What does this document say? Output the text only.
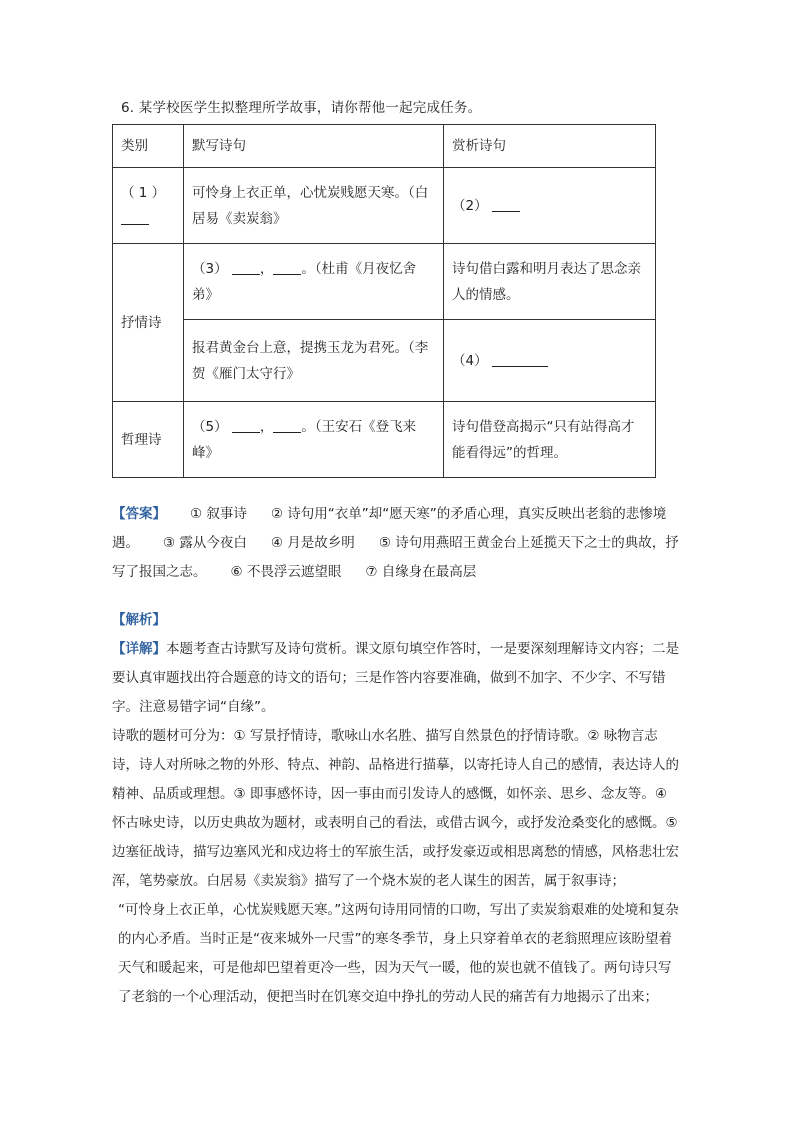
6. 某学校医学生拟整理所学故事，请你帮他一起完成任务。
类别	默写诗句	赏析诗句
（ 1 ）	可怜身上衣正单，心忧炭贱愿天寒。（白居易《卖炭翁》	（2）
抒情诗	（3） ， 。（杜甫《月夜忆舍弟》	诗句借白露和明月表达了思念亲人的情感。
	报君黄金台上意，提携玉龙为君死。（李贺《雁门太守行》	（4）
哲理诗	（5） ， 。（王安石《登飞来峰》	诗句借登高揭示“只有站得高才能看得远”的哲理。
【答案】 ① 叙事诗 ② 诗句用“衣单”却“愿天寒”的矛盾心理，真实反映出老翁的悲惨境遇。 ③ 露从今夜白 ④ 月是故乡明 ⑤ 诗句用燕昭王黄金台上延揽天下之士的典故，抒写了报国之志。 ⑥ 不畏浮云遮望眼 ⑦ 自缘身在最高层

【解析】

【详解】本题考查古诗默写及诗句赏析。课文原句填空作答时，一是要深刻理解诗文内容；二是要认真审题找出符合题意的诗文的语句；三是作答内容要准确，做到不加字、不少字、不写错字。注意易错字词“自缘”。

诗歌的题材可分为：① 写景抒情诗，歌咏山水名胜、描写自然景色的抒情诗歌。② 咏物言志诗，诗人对所咏之物的外形、特点、神韵、品格进行描摹，以寄托诗人自己的感情，表达诗人的精神、品质或理想。③ 即事感怀诗，因一事由而引发诗人的感慨，如怀亲、思乡、念友等。④ 怀古咏史诗，以历史典故为题材，或表明自己的看法，或借古讽今，或抒发沧桑变化的感慨。⑤边塞征战诗，描写边塞风光和戍边将士的军旅生活，或抒发豪迈或相思离愁的情感，风格悲壮宏浑，笔势豪放。白居易《卖炭翁》描写了一个烧木炭的老人谋生的困苦，属于叙事诗；

“可怜身上衣正单，心忧炭贱愿天寒。”这两句诗用同情的口吻，写出了卖炭翁艰难的处境和复杂的内心矛盾。当时正是“夜来城外一尺雪”的寒冬季节，身上只穿着单衣的老翁照理应该盼望着天气和暖起来，可是他却巴望着更冷一些，因为天气一暖，他的炭也就不值钱了。两句诗只写了老翁的一个心理活动，便把当时在饥寒交迫中挣扎的劳动人民的痛苦有力地揭示了出来；
